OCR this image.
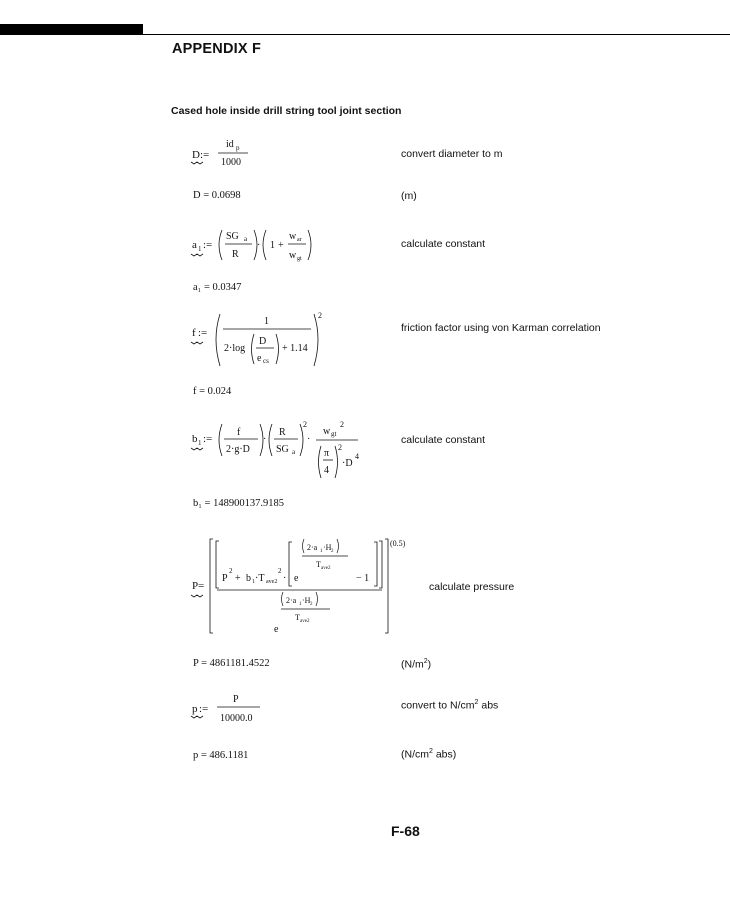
APPENDIX F
Cased hole inside drill string tool joint section
D :=
id p
1000
convert diameter to m
D = 0.0698	(m)
a 1 :=
SG a
R
· 1 +
w ar
w gt
calculate constant
a₁ = 0.0347
f :=
1
2·log
D
e cs
+ 1.14
2
friction factor using von Karman correlation
f = 0.024
b 1 :=
f
2·g·D
·
R
SG a
2
·
w gt
2
π
4
2
·D
4
calculate constant
b₁ = 148900137.9185
P =
(0.5)
P
2
+ b 1 ·T ave2
2
· e
2·a 1 ·H 2
T ave2
− 1
2·a 1 ·H 2
T ave2
e
calculate pressure
P = 4861181.4522	$(N/m^2)$
p :=
P
10000.0
convert to $N/cm^2$ abs
p = 486.1181	($N/cm^2$ abs)
F-68
